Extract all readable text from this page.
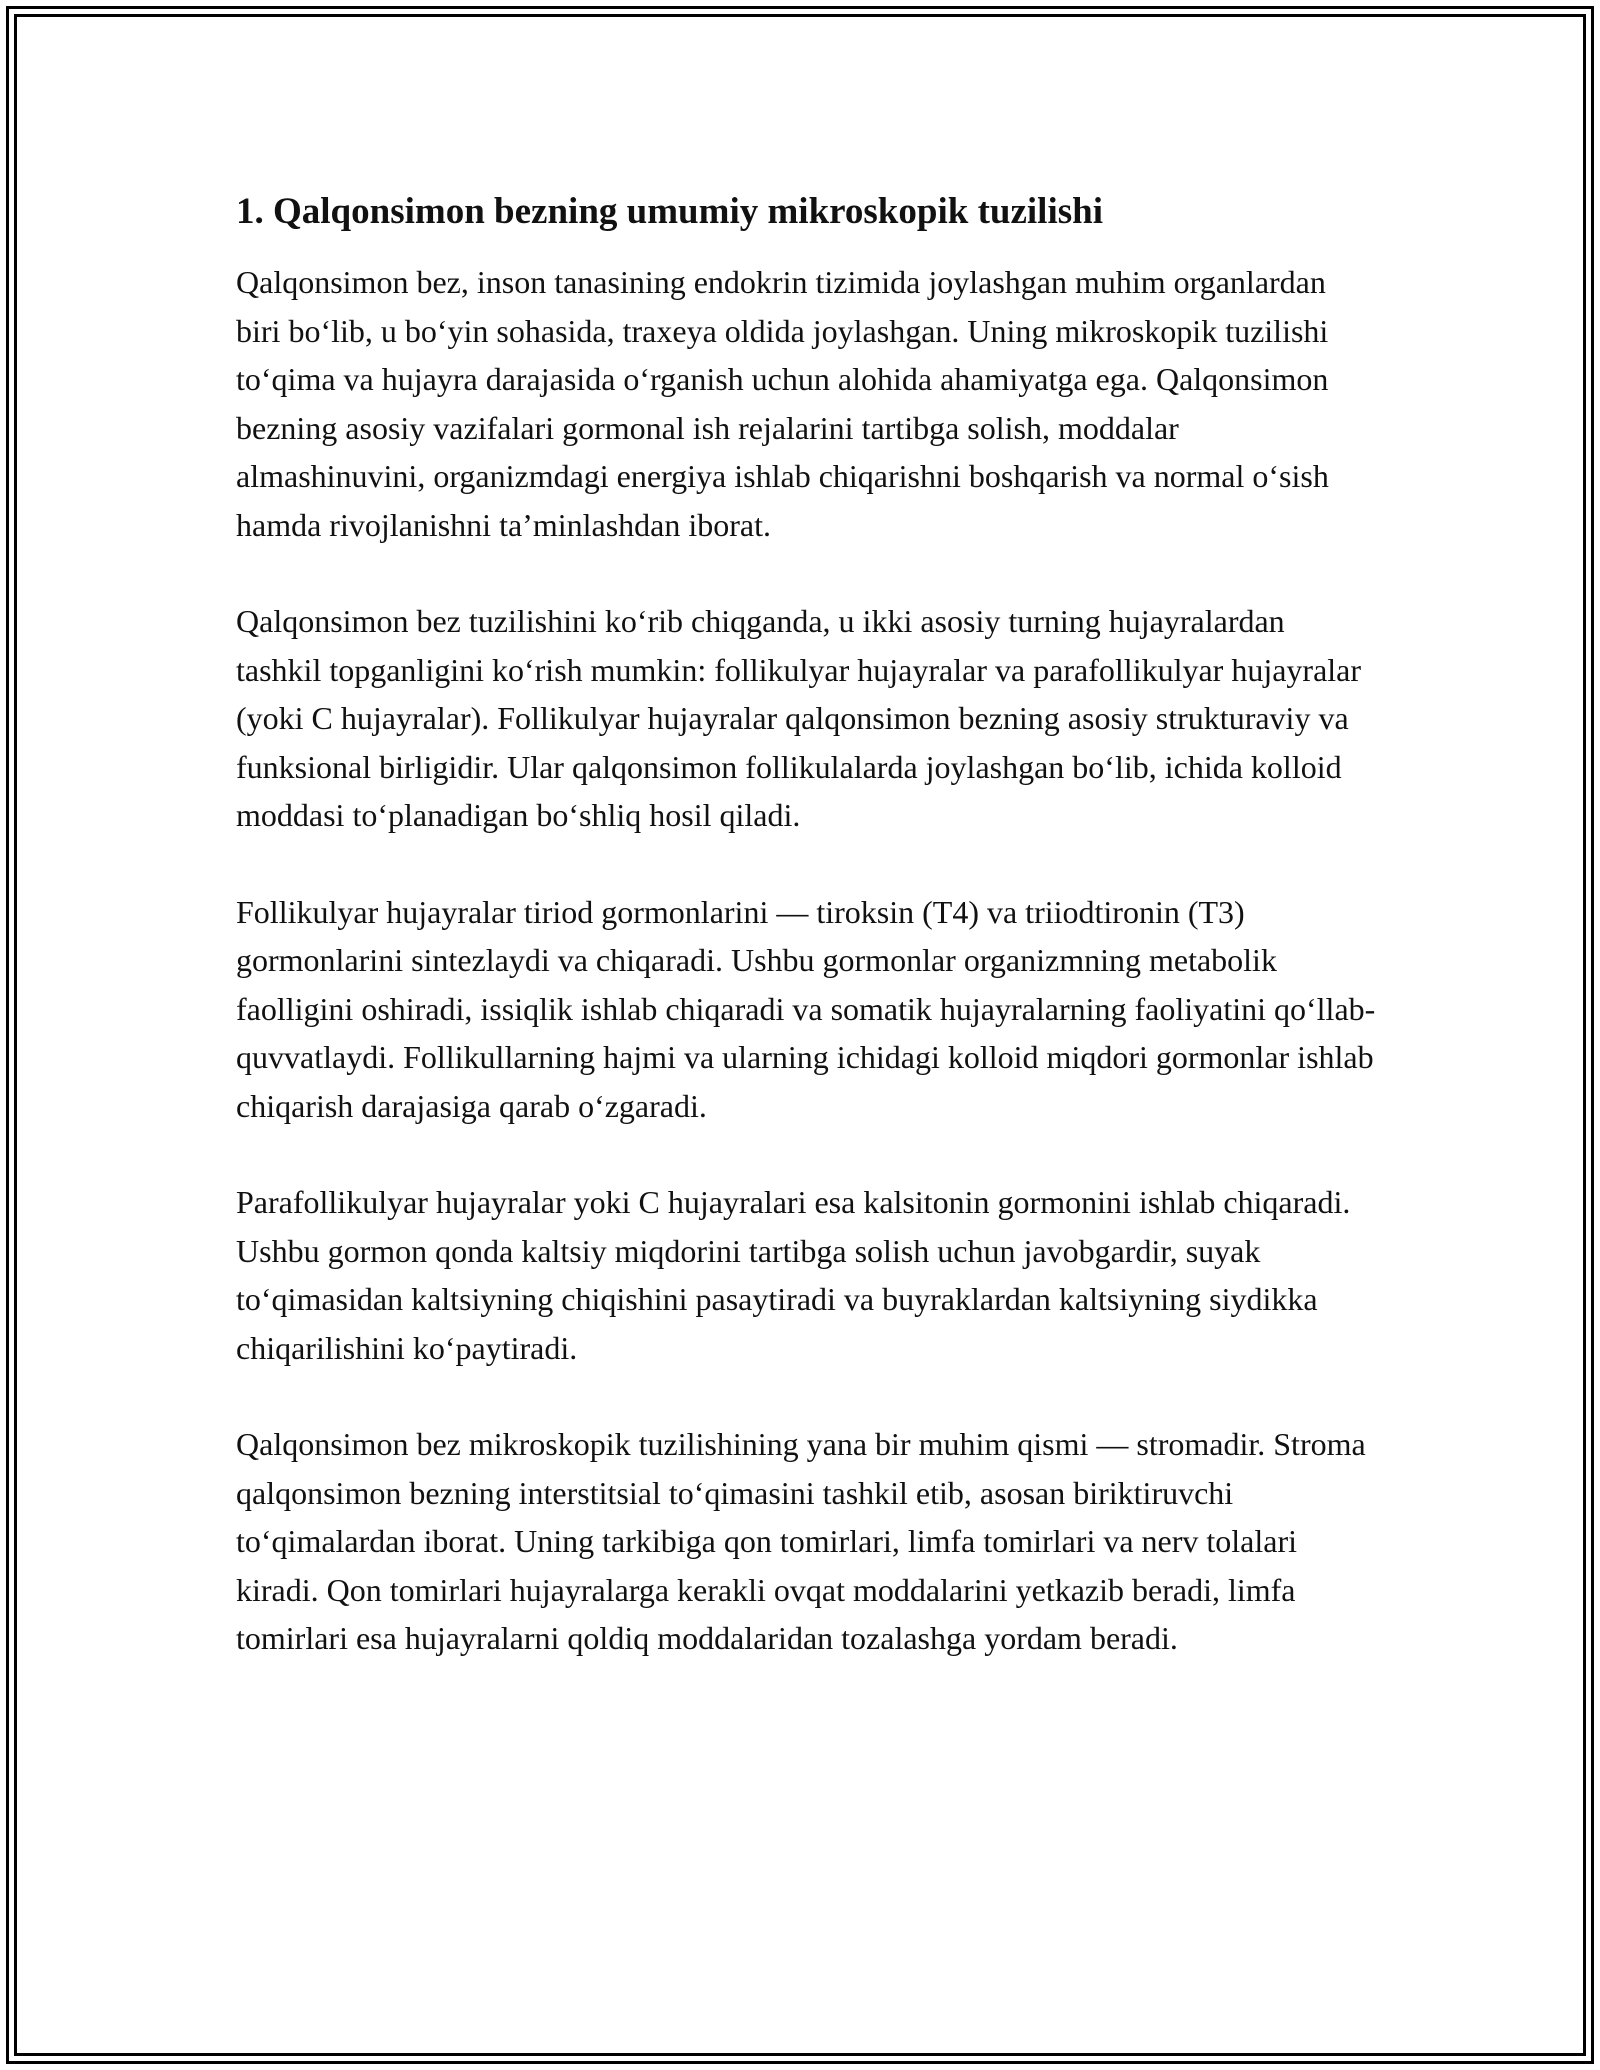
1. Qalqonsimon bezning umumiy mikroskopik tuzilishi

Qalqonsimon bez, inson tanasining endokrin tizimida joylashgan muhim organlardan biri bo‘lib, u bo‘yin sohasida, traxeya oldida joylashgan. Uning mikroskopik tuzilishi to‘qima va hujayra darajasida o‘rganish uchun alohida ahamiyatga ega. Qalqonsimon bezning asosiy vazifalari gormonal ish rejalarini tartibga solish, moddalar almashinuvini, organizmdagi energiya ishlab chiqarishni boshqarish va normal o‘sish hamda rivojlanishni ta’minlashdan iborat.

Qalqonsimon bez tuzilishini ko‘rib chiqganda, u ikki asosiy turning hujayralardan tashkil topganligini ko‘rish mumkin: follikulyar hujayralar va parafollikulyar hujayralar (yoki C hujayralar). Follikulyar hujayralar qalqonsimon bezning asosiy strukturaviy va funksional birligidir. Ular qalqonsimon follikulalarda joylashgan bo‘lib, ichida kolloid moddasi to‘planadigan bo‘shliq hosil qiladi.

Follikulyar hujayralar tiriod gormonlarini — tiroksin (T4) va triiodtironin (T3) gormonlarini sintezlaydi va chiqaradi. Ushbu gormonlar organizmning metabolik faolligini oshiradi, issiqlik ishlab chiqaradi va somatik hujayralarning faoliyatini qo‘llab-quvvatlaydi. Follikullarning hajmi va ularning ichidagi kolloid miqdori gormonlar ishlab chiqarish darajasiga qarab o‘zgaradi.

Parafollikulyar hujayralar yoki C hujayralari esa kalsitonin gormonini ishlab chiqaradi. Ushbu gormon qonda kaltsiy miqdorini tartibga solish uchun javobgardir, suyak to‘qimasidan kaltsiyning chiqishini pasaytiradi va buyraklardan kaltsiyning siydikka chiqarilishini ko‘paytiradi.

Qalqonsimon bez mikroskopik tuzilishining yana bir muhim qismi — stromadir. Stroma qalqonsimon bezning interstitsial to‘qimasini tashkil etib, asosan biriktiruvchi to‘qimalardan iborat. Uning tarkibiga qon tomirlari, limfa tomirlari va nerv tolalari kiradi. Qon tomirlari hujayralarga kerakli ovqat moddalarini yetkazib beradi, limfa tomirlari esa hujayralarni qoldiq moddalaridan tozalashga yordam beradi.
